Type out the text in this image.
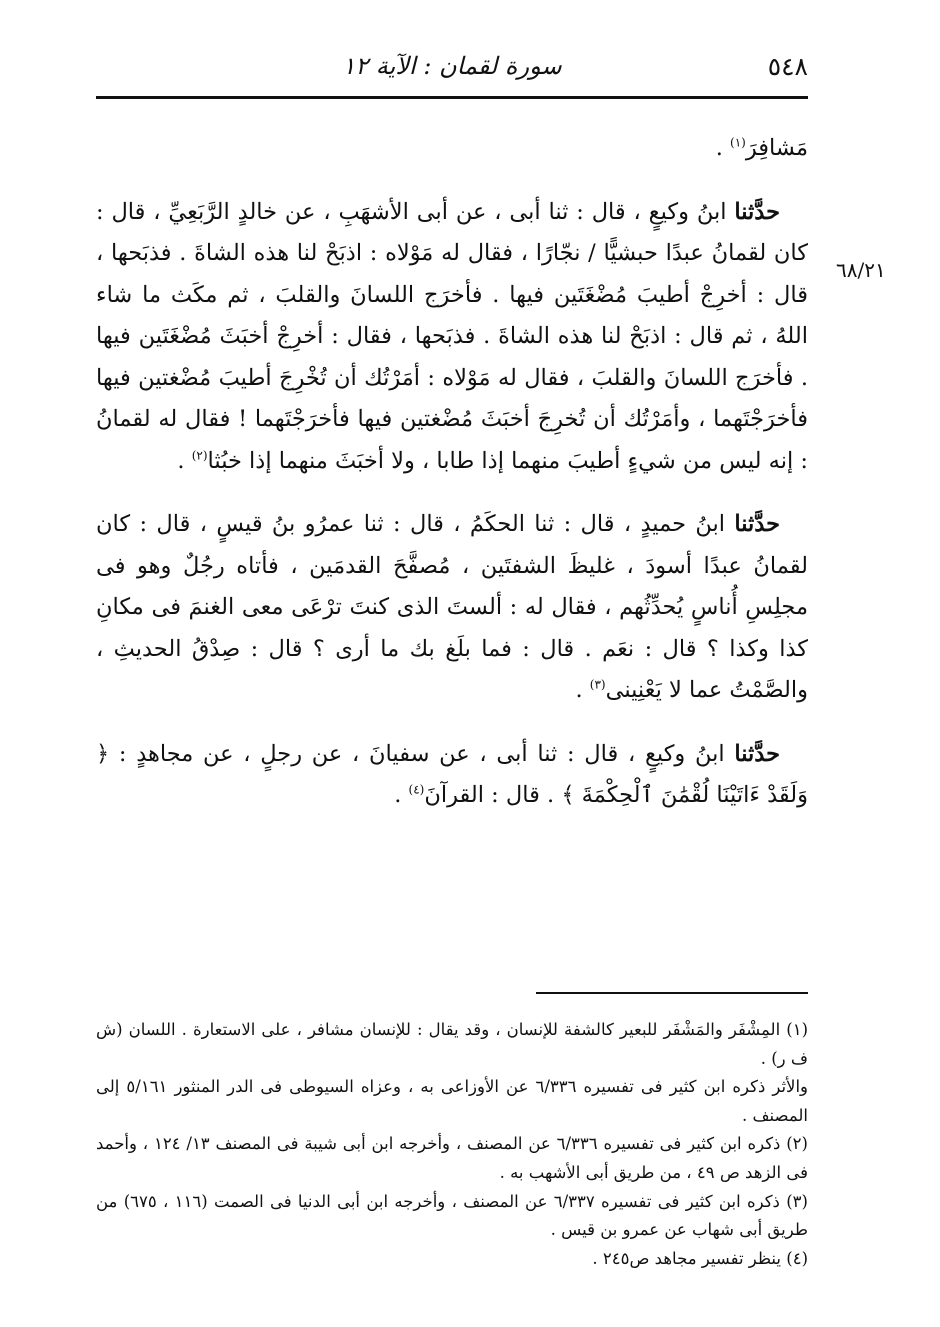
٥٤٨
سورة لقمان : الآية ١٢
٦٨/٢١

مَشافِرَ$^{(١)}$ .

حدَّثنا ابنُ وكيعٍ ، قال : ثنا أبى ، عن أبى الأشهَبِ ، عن خالدٍ الرَّبَعِيِّ ، قال : كان لقمانُ عبدًا حبشيًّا / نجّارًا ، فقال له مَوْلاه : اذبَحْ لنا هذه الشاةَ . فذبَحها ، قال : أخرِجْ أطيبَ مُضْغَتَين فيها . فأخرَج اللسانَ والقلبَ ، ثم مكَث ما شاء اللهُ ، ثم قال : اذبَحْ لنا هذه الشاةَ . فذبَحها ، فقال : أخرِجْ أخبَثَ مُضْغَتَين فيها . فأخرَج اللسانَ والقلبَ ، فقال له مَوْلاه : أمَرْتُك أن تُخْرِجَ أطيبَ مُضْغتين فيها فأخرَجْتَهما ، وأمَرْتُك أن تُخرِجَ أخبَثَ مُضْغتين فيها فأخرَجْتَهما ! فقال له لقمانُ : إنه ليس من شيءٍ أطيبَ منهما إذا طابا ، ولا أخبَثَ منهما إذا خبُثا$^{(٢)}$ .

حدَّثنا ابنُ حميدٍ ، قال : ثنا الحكَمُ ، قال : ثنا عمرُو بنُ قيسٍ ، قال : كان لقمانُ عبدًا أسودَ ، غليظَ الشفتَين ، مُصفَّحَ القدمَين ، فأتاه رجُلٌ وهو فى مجلِسِ أُناسٍ يُحدِّثُهم ، فقال له : ألستَ الذى كنتَ ترْعَى معى الغنمَ فى مكانِ كذا وكذا ؟ قال : نعَم . قال : فما بلَغ بك ما أرى ؟ قال : صِدْقُ الحديثِ ، والصَّمْتُ عما لا يَعْنِينى$^{(٣)}$ .

حدَّثنا ابنُ وكيعٍ ، قال : ثنا أبى ، عن سفيانَ ، عن رجلٍ ، عن مجاهدٍ : ﴿ وَلَقَدْ ءَاتَيْنَا لُقْمَٰنَ ٱلْحِكْمَةَ ﴾ . قال : القرآنَ$^{(٤)}$ .

(١) المِشْفَر والمَشْفَر للبعير كالشفة للإنسان ، وقد يقال : للإنسان مشافر ، على الاستعارة . اللسان (ش ف ر) .

والأثر ذكره ابن كثير فى تفسيره ٦/٣٣٦ عن الأوزاعى به ، وعزاه السيوطى فى الدر المنثور ٥/١٦١ إلى المصنف .

(٢) ذكره ابن كثير فى تفسيره ٦/٣٣٦ عن المصنف ، وأخرجه ابن أبى شيبة فى المصنف ١٣/ ١٢٤ ، وأحمد فى الزهد ص ٤٩ ، من طريق أبى الأشهب به .

(٣) ذكره ابن كثير فى تفسيره ٦/٣٣٧ عن المصنف ، وأخرجه ابن أبى الدنيا فى الصمت (١١٦ ، ٦٧٥) من طريق أبى شهاب عن عمرو بن قيس .

(٤) ينظر تفسير مجاهد ص٢٤٥ .
